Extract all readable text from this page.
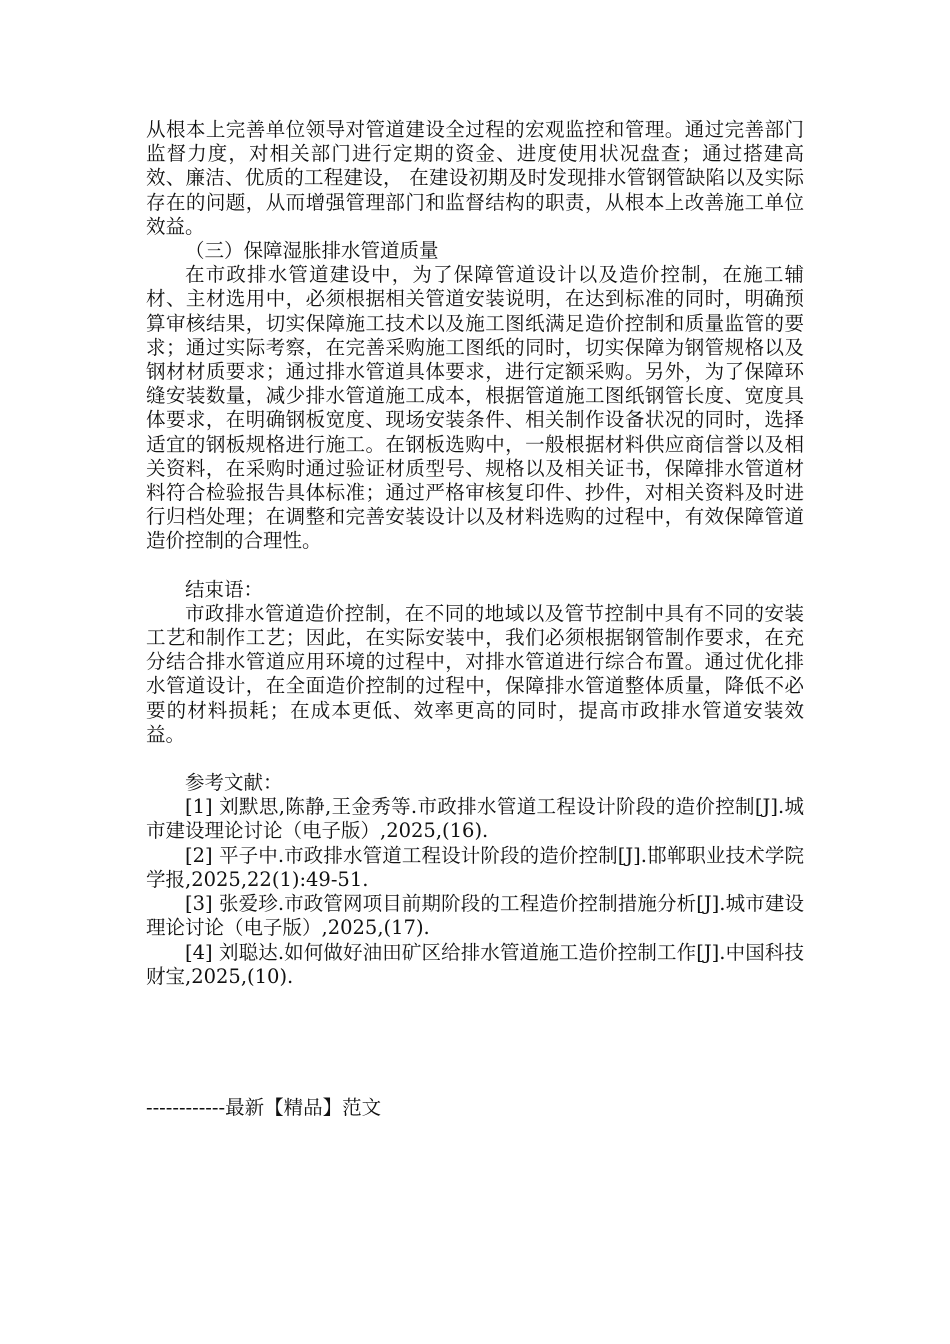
从根本上完善单位领导对管道建设全过程的宏观监控和管理。通过完善部门监督力度，对相关部门进行定期的资金、进度使用状况盘查；通过搭建高效、廉洁、优质的工程建设， 在建设初期及时发现排水管钢管缺陷以及实际存在的问题，从而增强管理部门和监督结构的职责，从根本上改善施工单位效益。

（三）保障湿胀排水管道质量

在市政排水管道建设中，为了保障管道设计以及造价控制，在施工辅材、主材选用中，必须根据相关管道安装说明，在达到标准的同时，明确预算审核结果，切实保障施工技术以及施工图纸满足造价控制和质量监管的要求；通过实际考察，在完善采购施工图纸的同时，切实保障为钢管规格以及钢材材质要求；通过排水管道具体要求，进行定额采购。另外，为了保障环缝安装数量，减少排水管道施工成本，根据管道施工图纸钢管长度、宽度具体要求，在明确钢板宽度、现场安装条件、相关制作设备状况的同时，选择适宜的钢板规格进行施工。在钢板选购中，一般根据材料供应商信誉以及相关资料，在采购时通过验证材质型号、规格以及相关证书，保障排水管道材料符合检验报告具体标准；通过严格审核复印件、抄件，对相关资料及时进行归档处理；在调整和完善安装设计以及材料选购的过程中，有效保障管道造价控制的合理性。

结束语：

市政排水管道造价控制，在不同的地域以及管节控制中具有不同的安装工艺和制作工艺；因此，在实际安装中，我们必须根据钢管制作要求，在充分结合排水管道应用环境的过程中，对排水管道进行综合布置。通过优化排水管道设计，在全面造价控制的过程中，保障排水管道整体质量，降低不必要的材料损耗；在成本更低、效率更高的同时，提高市政排水管道安装效益。

参考文献：

[1] 刘默思,陈静,王金秀等.市政排水管道工程设计阶段的造价控制[J].城市建设理论讨论（电子版）,2025,(16).

[2] 平子中.市政排水管道工程设计阶段的造价控制[J].邯郸职业技术学院学报,2025,22(1):49-51.

[3] 张爱珍.市政管网项目前期阶段的工程造价控制措施分析[J].城市建设理论讨论（电子版）,2025,(17).

[4] 刘聪达.如何做好油田矿区给排水管道施工造价控制工作[J].中国科技财宝,2025,(10).

------------最新【精品】范文
